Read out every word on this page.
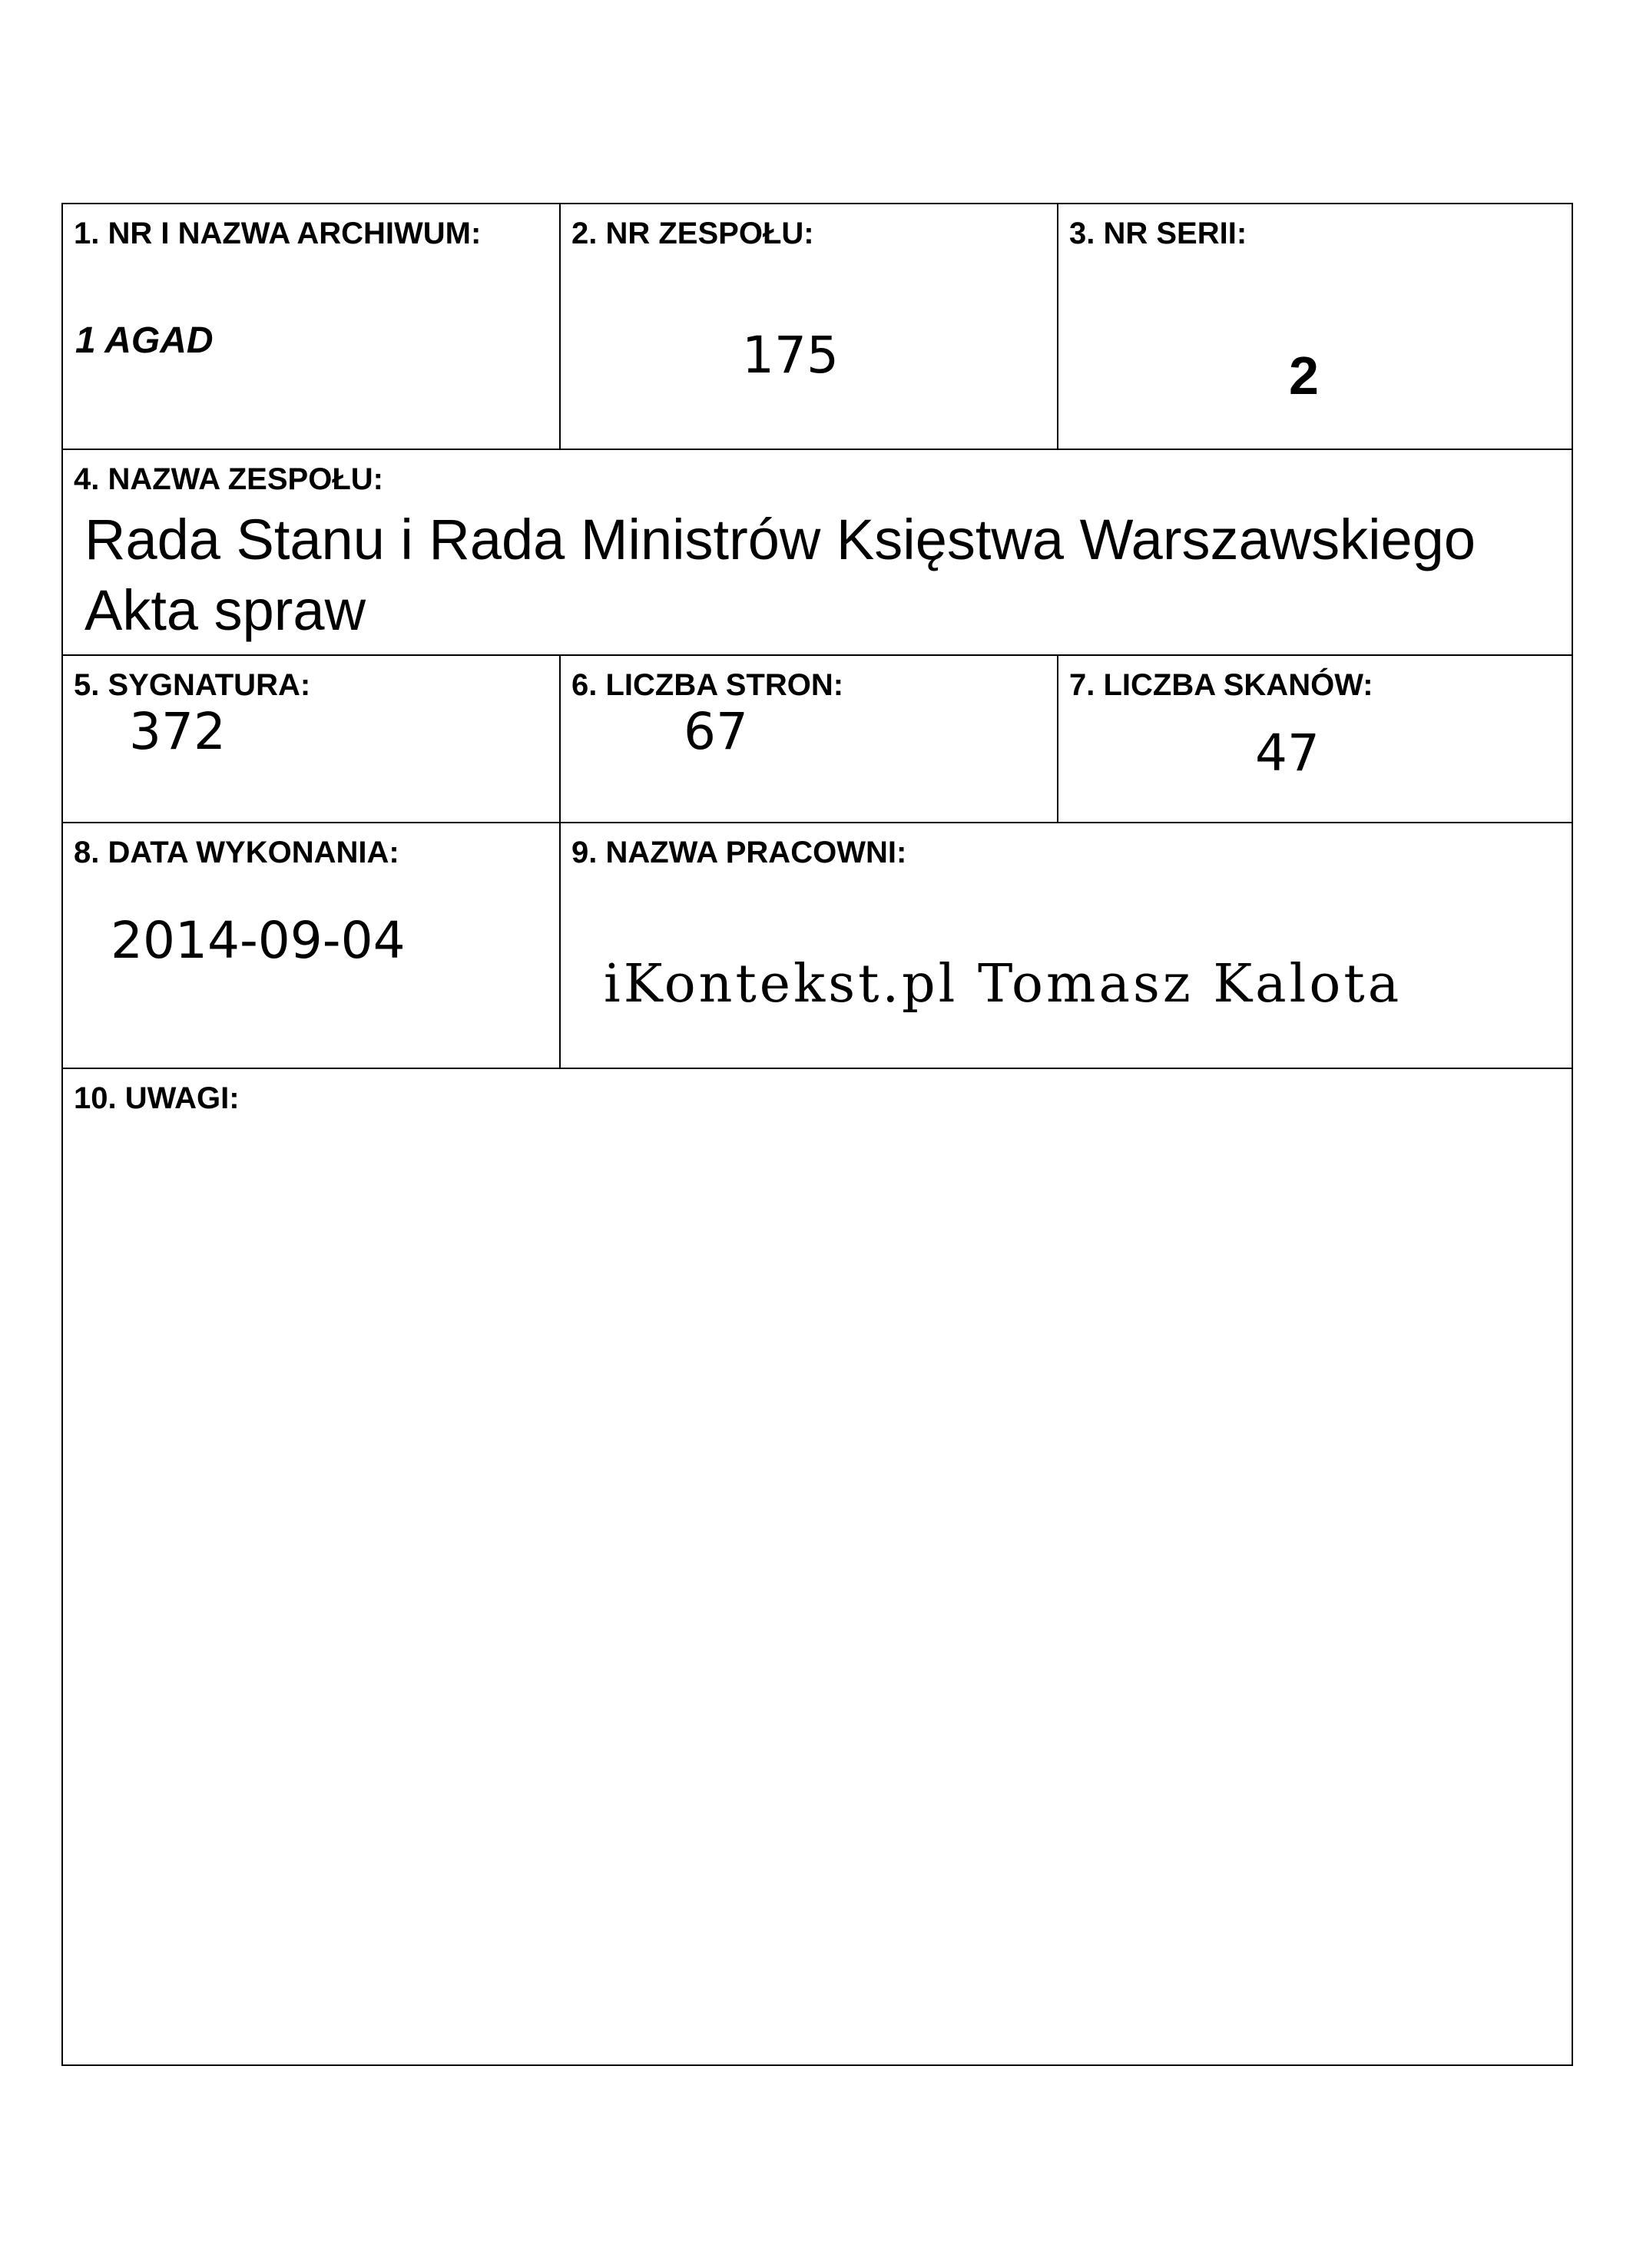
1. NR I NAZWA ARCHIWUM:
1 AGAD
2. NR ZESPOŁU:
175
3. NR SERII:
2
4. NAZWA ZESPOŁU:
Rada Stanu i Rada Ministrów Księstwa Warszawskiego
Akta spraw
5. SYGNATURA:
372
6. LICZBA STRON:
67
7. LICZBA SKANÓW:
47
8. DATA WYKONANIA:
2014-09-04
9. NAZWA PRACOWNI:
iKontekst.pl Tomasz Kalota
10. UWAGI:
